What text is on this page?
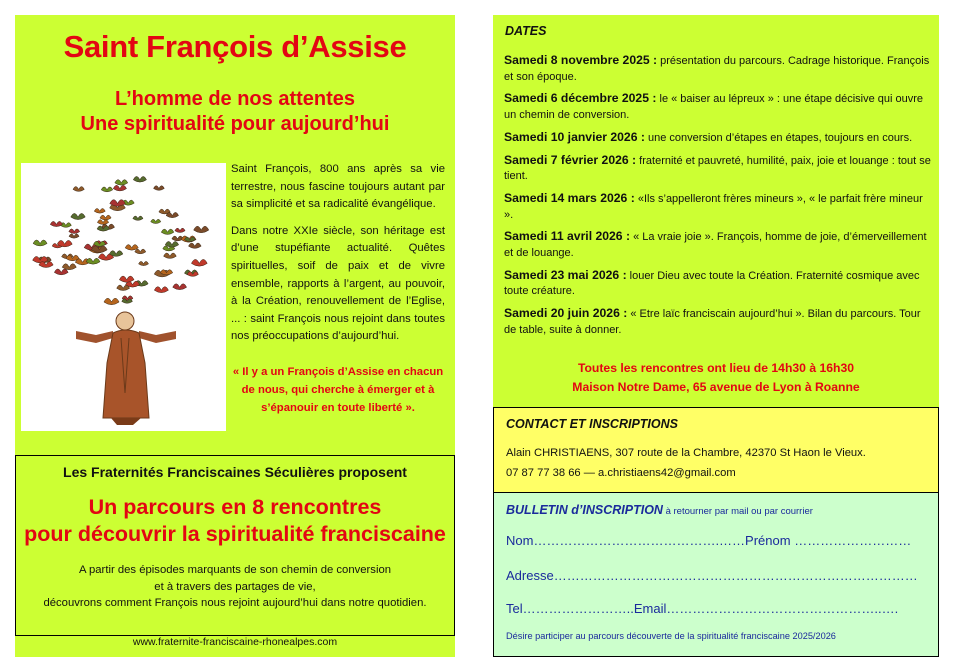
Saint François d’Assise
L’homme de nos attentes
Une spiritualité pour aujourd’hui

Saint François, 800 ans après sa vie terrestre, nous fascine toujours autant par sa simplicité et sa radicalité évangélique.

Dans notre XXIe siècle, son héritage est d’une stupéfiante actualité. Quêtes spirituelles, soif de paix et de vivre ensemble, rapports à l’argent, au pouvoir, à la Création, renouvellement de l’Eglise, ... : saint François nous rejoint dans toutes nos préoccupations d’aujourd’hui.

« Il y a un François d’Assise en chacun de nous, qui cherche à émerger et à s’épanouir en toute liberté ».
Les Fraternités Franciscaines Séculières proposent
Un parcours en 8 rencontres
pour découvrir la spiritualité franciscaine
A partir des épisodes marquants de son chemin de conversion
et à travers des partages de vie,
découvrons comment François nous rejoint aujourd’hui dans notre quotidien.
www.fraternite-franciscaine-rhonealpes.com
DATES
Samedi 8 novembre 2025 : présentation du parcours. Cadrage historique. François et son époque.
Samedi 6 décembre 2025 : le « baiser au lépreux » : une étape décisive qui ouvre un chemin de conversion.
Samedi 10 janvier 2026 : une conversion d’étapes en étapes, toujours en cours.
Samedi 7 février 2026 : fraternité et pauvreté, humilité, paix, joie et louange : tout se tient.
Samedi 14 mars 2026 : «Ils s’appelleront frères mineurs », « le parfait frère mineur ».
Samedi 11 avril 2026 : « La vraie joie ». François, homme de joie, d’émerveillement et de louange.
Samedi 23 mai 2026 : louer Dieu avec toute la Création. Fraternité cosmique avec toute créature.
Samedi 20 juin 2026 : « Etre laïc franciscain aujourd’hui ». Bilan du parcours. Tour de table, suite à donner.
Toutes les rencontres ont lieu de 14h30 à 16h30
Maison Notre Dame, 65 avenue de Lyon à Roanne
CONTACT ET INSCRIPTIONS
Alain CHRISTIAENS, 307 route de la Chambre, 42370 St Haon le Vieux.
07 87 77 38 66 — a.christiaens42@gmail.com
BULLETIN d’INSCRIPTION à retourner par mail ou par courrier
Nom…………………………………….……Prénom ………………………
Adresse…………………………………………………………………………
Tel……………………..Email…………………………………………..….
Désire participer au parcours découverte de la spiritualité franciscaine 2025/2026
